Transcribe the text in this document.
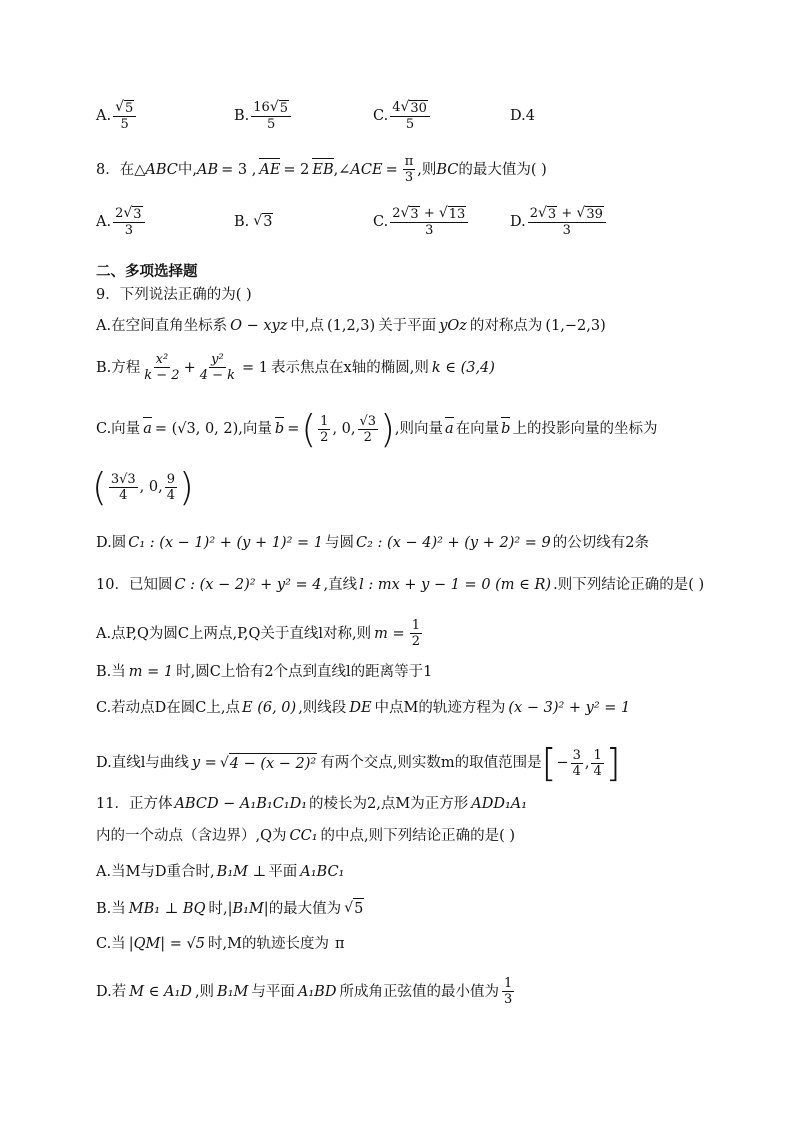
A. $\frac{√ 5}{5}$	B. $\frac{16 √ 5}{5}$	C. $\frac{4 √ 30}{5}$	D.4
8．在△ ABC 中, AB = 3 , AE = 2 EB ,∠ ACE = $\frac{\pi}{3}$ ,则 BC 的最大值为( )
A. $\frac{2 √ 3}{3}$	B. √ 3	C. $\frac{2 √ 3 + √ 13}{3}$	D. $\frac{2 √ 3 + √ 39}{3}$
二、多项选择题
9．下列说法正确的为( )
A.在空间直角坐标系 O − xyz 中,点 (1,2,3) 关于平面 yOz 的对称点为 (1,−2,3)
B.方程 $\frac{\text{x²}}{k - 2} + \frac{\text{y²}}{4 - k} = 1$ 表示焦点在x轴的椭圆,则 k ∈ (3,4)
C.向量 a = (√3, 0, 2) ,向量 b = ( $\frac{1}{2}$ , 0, $\frac{√3}{2}$ ) ,则向量 a 在向量 b 上的投影向量的坐标为
( $\frac{3√3}{4}$ , 0, $\frac{9}{4}$ )
D.圆 C₁ : (x − 1)² + (y + 1)² = 1 与圆 C₂ : (x − 4)² + (y + 2)² = 9 的公切线有2条
10．已知圆 C : (x − 2)² + y² = 4 ,直线 l : mx + y − 1 = 0 (m ∈ R) .则下列结论正确的是( )
A.点P,Q为圆C上两点,P,Q关于直线l对称,则 $m = \frac{1}{2}$
B.当 m = 1 时,圆C上恰有2个点到直线l的距离等于1
C.若动点D在圆C上,点 E (6, 0) ,则线段 DE 中点M的轨迹方程为 (x − 3)² + y² = 1
D.直线l与曲线 y = √ 4 − (x − 2)² 有两个交点,则实数m的取值范围是 [ − $\frac{3}{4}$ , $\frac{1}{4}$ ]
11．正方体 ABCD − A₁B₁C₁D₁ 的棱长为2,点M为正方形 ADD₁A₁
内的一个动点（含边界）,Q为 CC₁ 的中点,则下列结论正确的是( )
A.当M与D重合时, B₁M ⊥ 平面 A₁BC₁
B.当 MB₁ ⊥ BQ 时, |B₁M| 的最大值为 √ 5
C.当 |QM| = √5 时,M的轨迹长度为 π
D.若 M ∈ A₁D ,则 B₁M 与平面 A₁BD 所成角正弦值的最小值为 $\frac{1}{3}$
